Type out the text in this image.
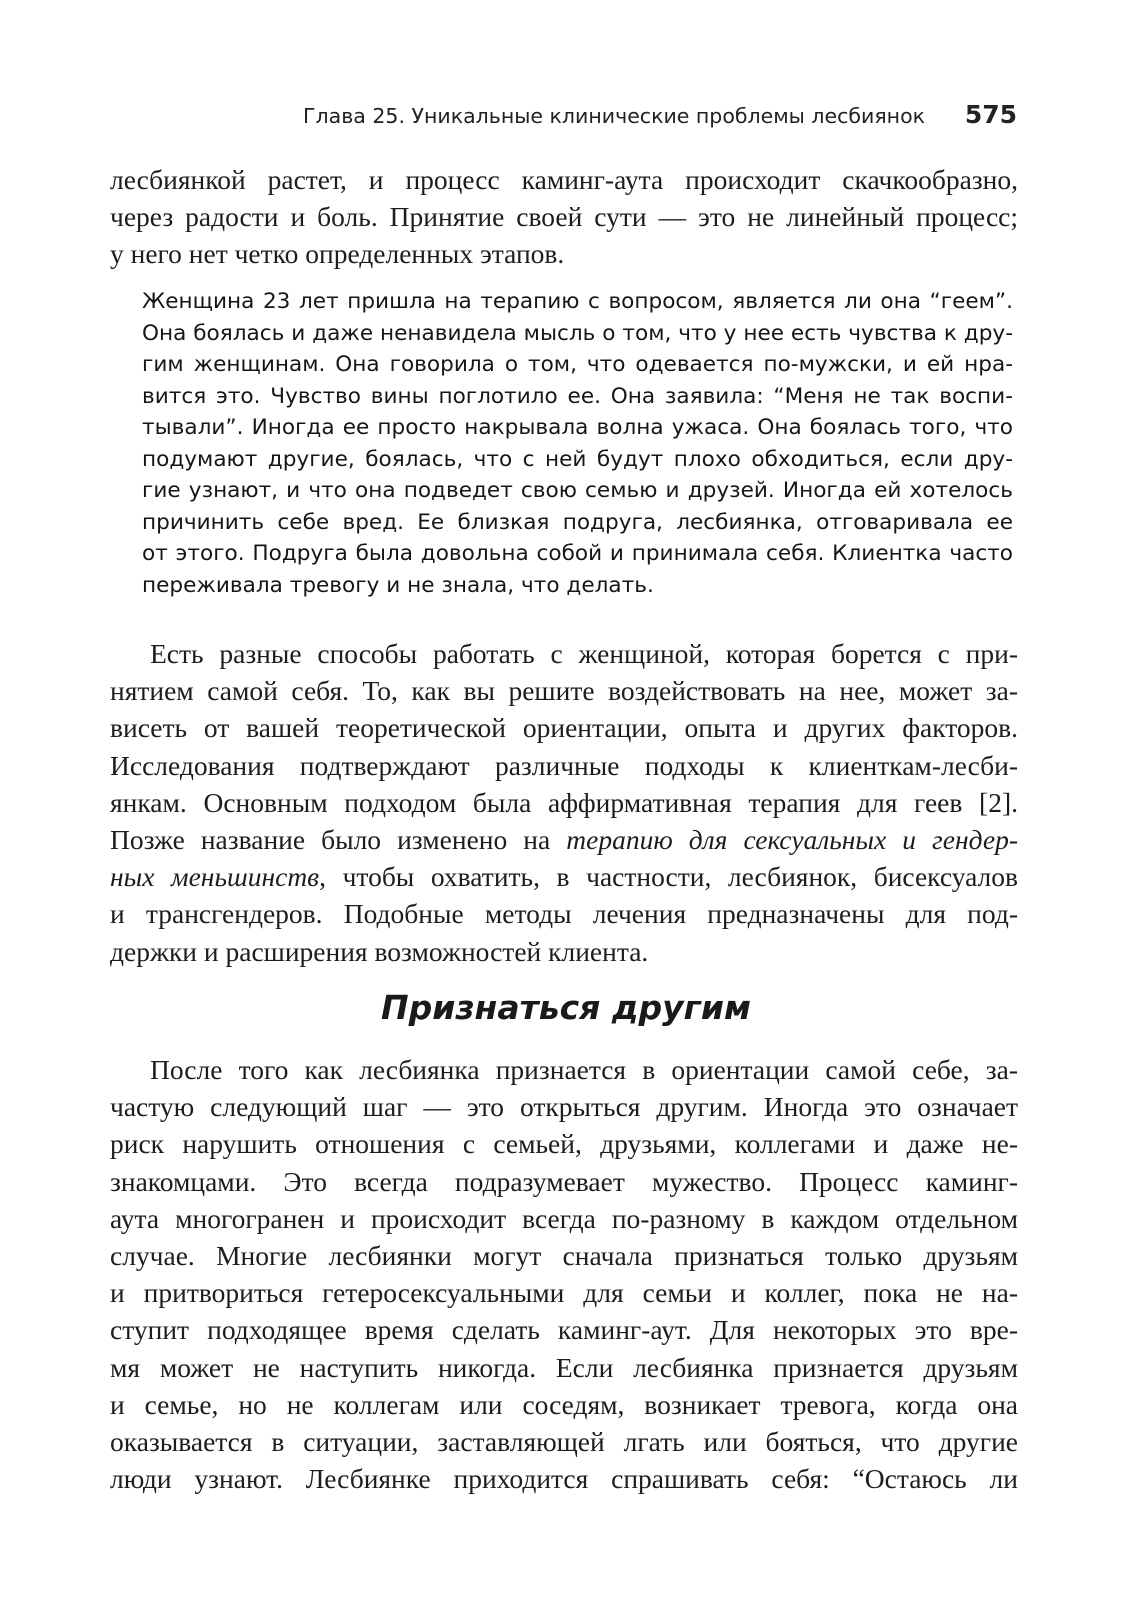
Глава 25. Уникальные клинические проблемы лесбиянок 575
лесбиянкой растет, и процесс каминг-аута происходит скачкообразно,
через радости и боль. Принятие своей сути — это не линейный процесс;
у него нет четко определенных этапов.
Женщина 23 лет пришла на терапию с вопросом, является ли она “геем”.
Она боялась и даже ненавидела мысль о том, что у нее есть чувства к дру-
гим женщинам. Она говорила о том, что одевается по-мужски, и ей нра-
вится это. Чувство вины поглотило ее. Она заявила: “Меня не так воспи-
тывали”. Иногда ее просто накрывала волна ужаса. Она боялась того, что
подумают другие, боялась, что с ней будут плохо обходиться, если дру-
гие узнают, и что она подведет свою семью и друзей. Иногда ей хотелось
причинить себе вред. Ее близкая подруга, лесбиянка, отговаривала ее
от этого. Подруга была довольна собой и принимала себя. Клиентка часто
переживала тревогу и не знала, что делать.
Есть разные способы работать с женщиной, которая борется с при-
нятием самой себя. То, как вы решите воздействовать на нее, может за-
висеть от вашей теоретической ориентации, опыта и других факторов.
Исследования подтверждают различные подходы к клиенткам-лесби-
янкам. Основным подходом была аффирмативная терапия для геев [2].
Позже название было изменено на терапию для сексуальных и гендер-
ных меньшинств, чтобы охватить, в частности, лесбиянок, бисексуалов
и трансгендеров. Подобные методы лечения предназначены для под-
держки и расширения возможностей клиента.
Признаться другим
После того как лесбиянка признается в ориентации самой себе, за-
частую следующий шаг — это открыться другим. Иногда это означает
риск нарушить отношения с семьей, друзьями, коллегами и даже не-
знакомцами. Это всегда подразумевает мужество. Процесс каминг-
аута многогранен и происходит всегда по-разному в каждом отдельном
случае. Многие лесбиянки могут сначала признаться только друзьям
и притвориться гетеросексуальными для семьи и коллег, пока не на-
ступит подходящее время сделать каминг-аут. Для некоторых это вре-
мя может не наступить никогда. Если лесбиянка признается друзьям
и семье, но не коллегам или соседям, возникает тревога, когда она
оказывается в ситуации, заставляющей лгать или бояться, что другие
люди узнают. Лесбиянке приходится спрашивать себя: “Остаюсь ли
